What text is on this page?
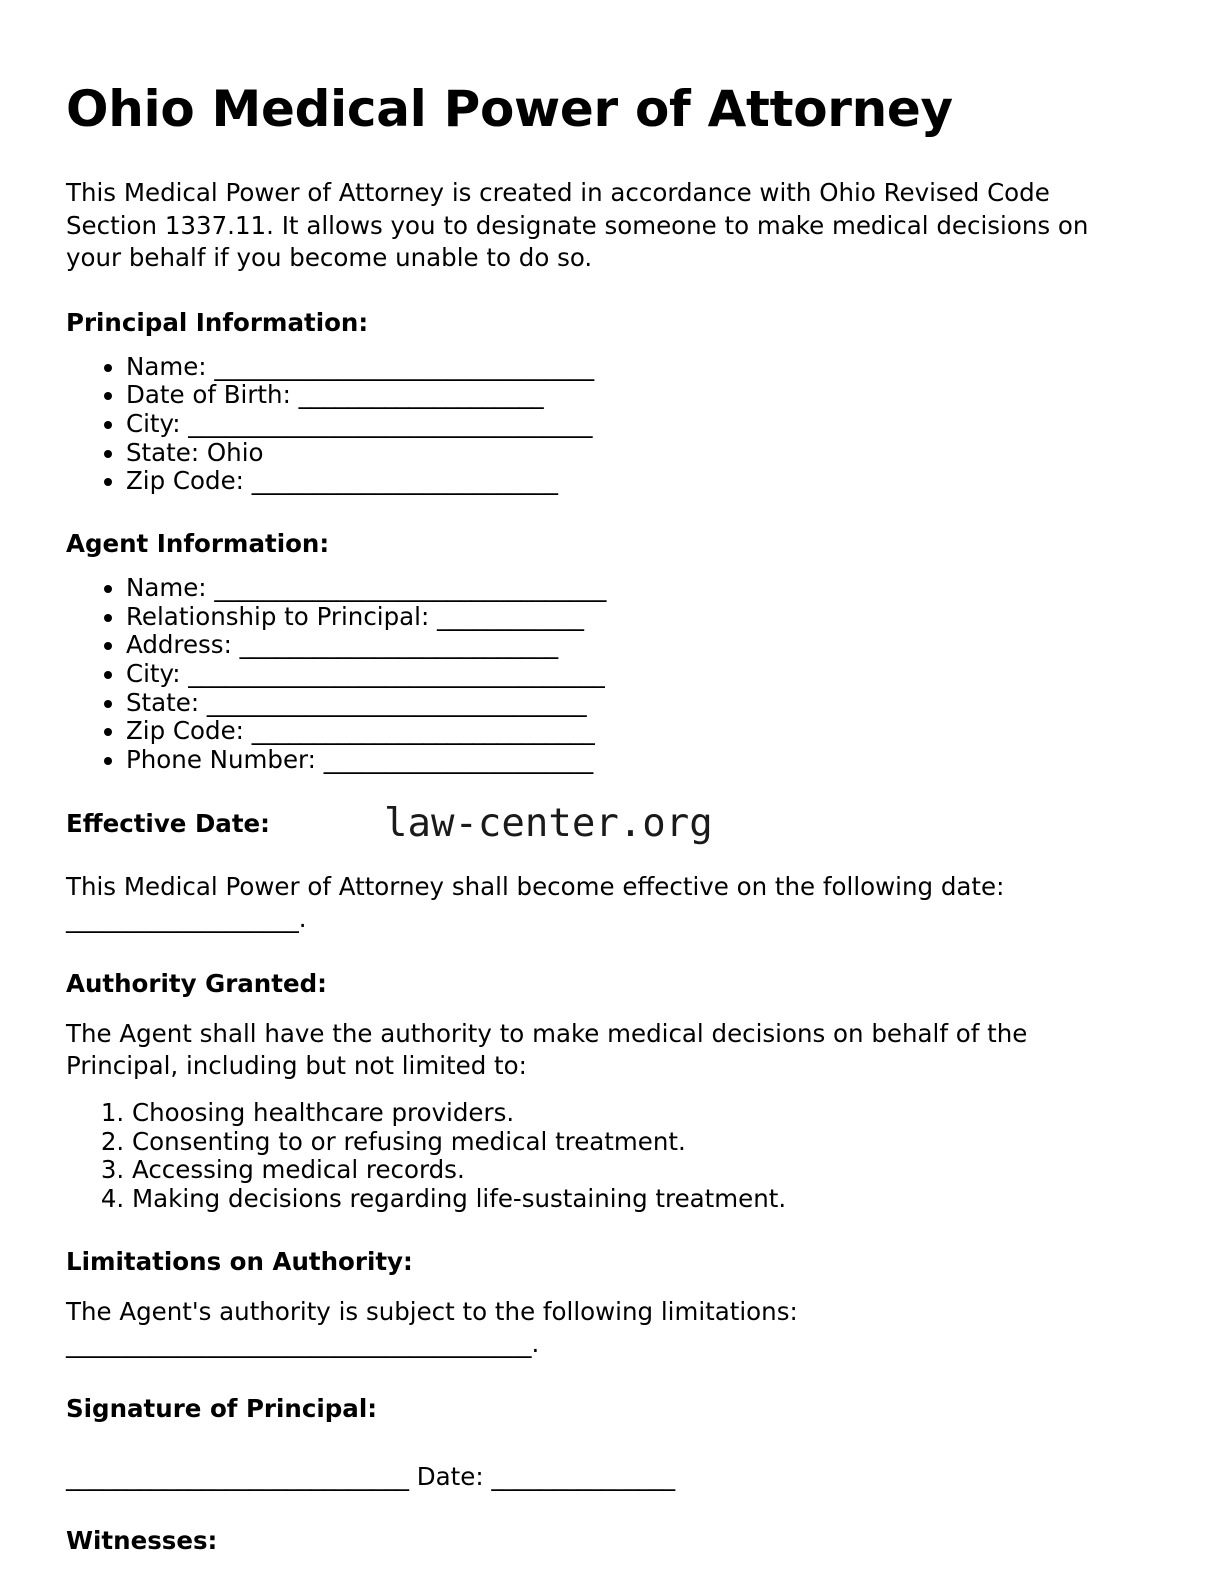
Ohio Medical Power of Attorney

This Medical Power of Attorney is created in accordance with Ohio Revised Code Section 1337.11. It allows you to designate someone to make medical decisions on your behalf if you become unable to do so.

Principal Information:
• Name: _______________________________
• Date of Birth: ____________________
• City: _________________________________
• State: Ohio
• Zip Code: _________________________
Agent Information:
• Name: ________________________________
• Relationship to Principal: ____________
• Address: __________________________
• City: __________________________________
• State: _______________________________
• Zip Code: ____________________________
• Phone Number: ______________________
Effective Date:	law-center.org

This Medical Power of Attorney shall become effective on the following date: ___________________.

Authority Granted:

The Agent shall have the authority to make medical decisions on behalf of the Principal, including but not limited to:

1. Choosing healthcare providers.
2. Consenting to or refusing medical treatment.
3. Accessing medical records.
4. Making decisions regarding life-sustaining treatment.
Limitations on Authority:

The Agent's authority is subject to the following limitations: ______________________________________.

Signature of Principal:

____________________________ Date: _______________

Witnesses:
